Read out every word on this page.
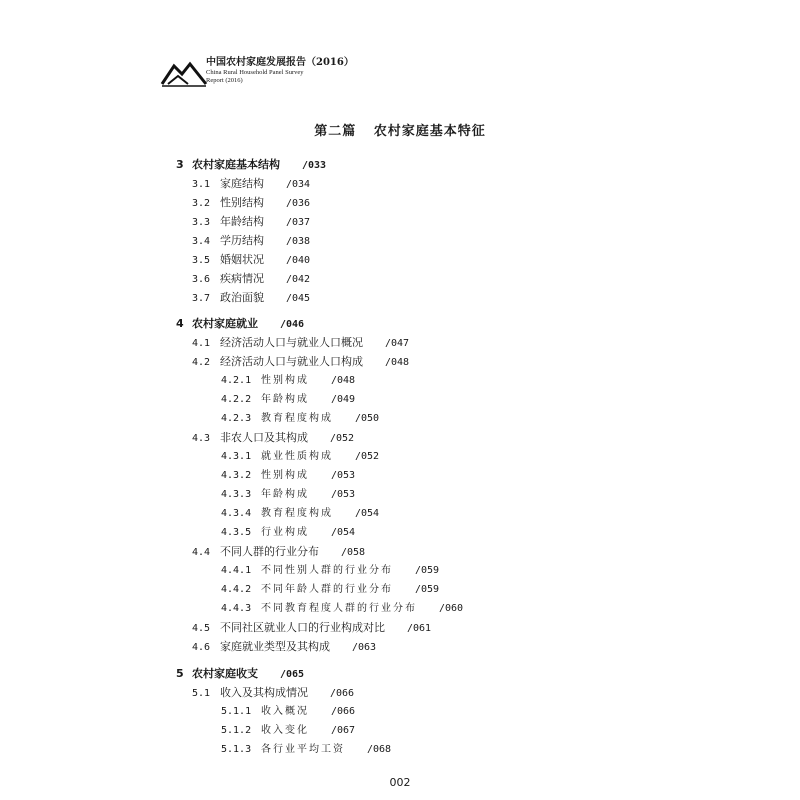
中国农村家庭发展报告（2016）
China Rural Household Panel Survey
Report (2016)
第二篇 农村家庭基本特征
3 农村家庭基本结构 /033
3.1 家庭结构 /034
3.2 性别结构 /036
3.3 年龄结构 /037
3.4 学历结构 /038
3.5 婚姻状况 /040
3.6 疾病情况 /042
3.7 政治面貌 /045
4 农村家庭就业 /046
4.1 经济活动人口与就业人口概况 /047
4.2 经济活动人口与就业人口构成 /048
4.2.1 性别构成 /048
4.2.2 年龄构成 /049
4.2.3 教育程度构成 /050
4.3 非农人口及其构成 /052
4.3.1 就业性质构成 /052
4.3.2 性别构成 /053
4.3.3 年龄构成 /053
4.3.4 教育程度构成 /054
4.3.5 行业构成 /054
4.4 不同人群的行业分布 /058
4.4.1 不同性别人群的行业分布 /059
4.4.2 不同年龄人群的行业分布 /059
4.4.3 不同教育程度人群的行业分布 /060
4.5 不同社区就业人口的行业构成对比 /061
4.6 家庭就业类型及其构成 /063
5 农村家庭收支 /065
5.1 收入及其构成情况 /066
5.1.1 收入概况 /066
5.1.2 收入变化 /067
5.1.3 各行业平均工资 /068
002
